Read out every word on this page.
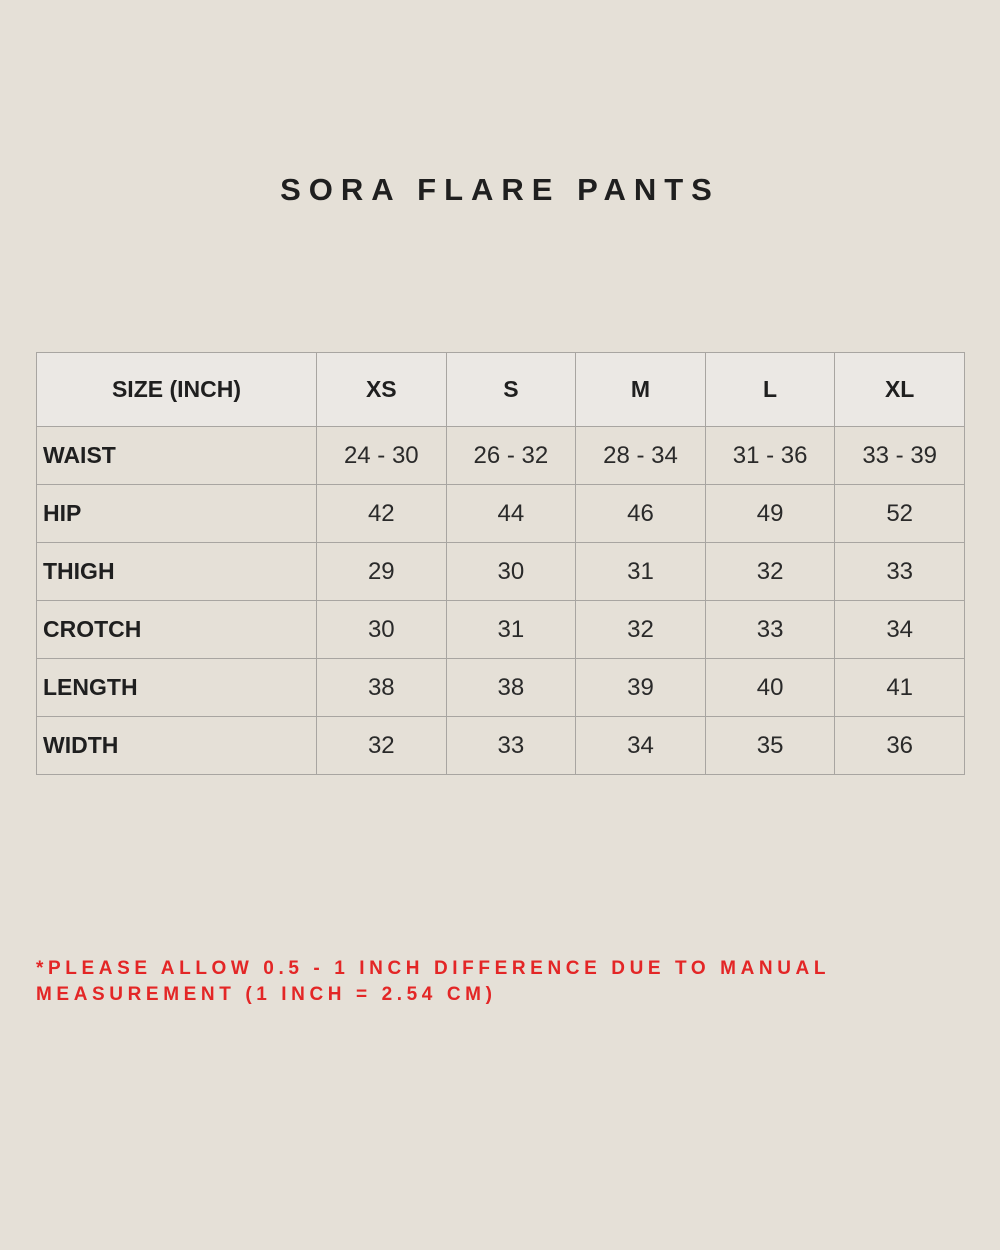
SORA FLARE PANTS
SIZE (INCH)	XS	S	M	L	XL
WAIST	24 - 30	26 - 32	28 - 34	31 - 36	33 - 39
HIP	42	44	46	49	52
THIGH	29	30	31	32	33
CROTCH	30	31	32	33	34
LENGTH	38	38	39	40	41
WIDTH	32	33	34	35	36
*PLEASE ALLOW 0.5 - 1 INCH DIFFERENCE DUE TO MANUAL MEASUREMENT (1 INCH = 2.54 CM)
